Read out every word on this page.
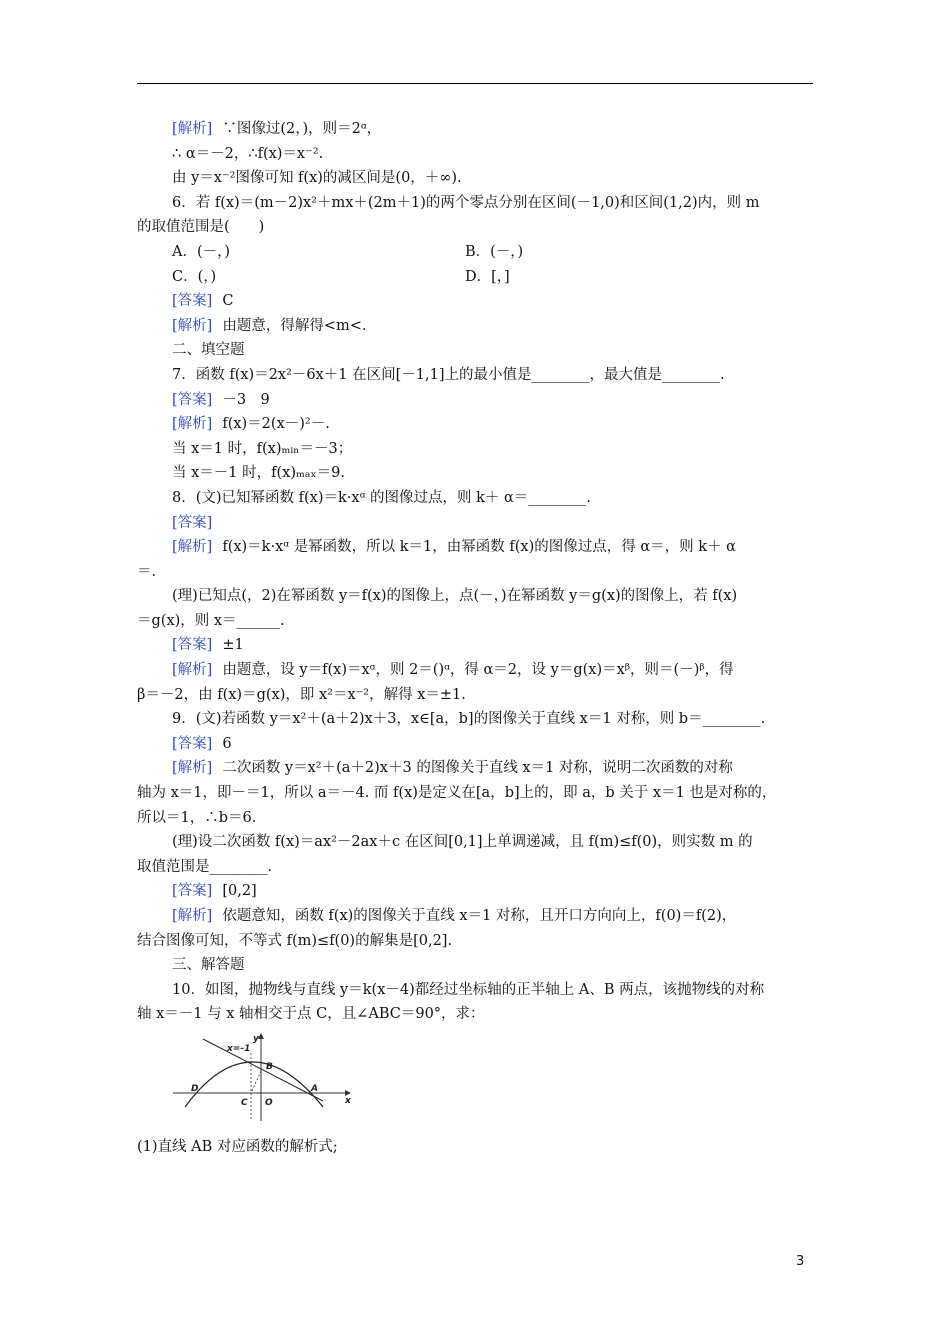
[解析] ∵图像过(2，)，则＝2ᵅ，
∴ α＝－2，∴f(x)＝x⁻².
由 y＝x⁻²图像可知 f(x)的减区间是(0，＋∞).
6．若 f(x)＝(m－2)x²＋mx＋(2m＋1)的两个零点分别在区间(－1,0)和区间(1,2)内，则 m
的取值范围是(　　)
A．(－，)	B．(－，)
C．(，)	D．[，]
[答案] C
[解析] 由题意，得解得<m<.
二、填空题
7．函数 f(x)＝2x²－6x＋1 在区间[－1,1]上的最小值是________，最大值是________.
[答案] －3　9
[解析] f(x)＝2(x－)²－.
当 x＝1 时，f(x)ₘᵢₙ＝－3；
当 x＝－1 时，f(x)ₘₐₓ＝9.
8．(文)已知幂函数 f(x)＝k·xᵅ 的图像过点，则 k＋ α＝________.
[答案]
[解析] f(x)＝k·xᵅ 是幂函数，所以 k＝1，由幂函数 f(x)的图像过点，得 α＝，则 k＋ α
＝.
(理)已知点(，2)在幂函数 y＝f(x)的图像上，点(－，)在幂函数 y＝g(x)的图像上，若 f(x)
＝g(x)，则 x＝______.
[答案] ±1
[解析] 由题意，设 y＝f(x)＝xᵅ，则 2＝()ᵅ，得 α＝2，设 y＝g(x)＝xᵝ，则＝(－)ᵝ，得
β＝－2，由 f(x)＝g(x)，即 x²＝x⁻²，解得 x＝±1.
9．(文)若函数 y＝x²＋(a＋2)x＋3，x∈[a，b]的图像关于直线 x＝1 对称，则 b＝________.
[答案] 6
[解析] 二次函数 y＝x²＋(a＋2)x＋3 的图像关于直线 x＝1 对称，说明二次函数的对称
轴为 x＝1，即－＝1，所以 a＝－4. 而 f(x)是定义在[a，b]上的，即 a，b 关于 x＝1 也是对称的，
所以＝1，∴b＝6.
(理)设二次函数 f(x)＝ax²－2ax＋c 在区间[0,1]上单调递减，且 f(m)≤f(0)，则实数 m 的
取值范围是________.
[答案] [0,2]
[解析] 依题意知，函数 f(x)的图像关于直线 x＝1 对称，且开口方向向上，f(0)＝f(2)，
结合图像可知，不等式 f(m)≤f(0)的解集是[0,2].
三、解答题
10．如图，抛物线与直线 y＝k(x－4)都经过坐标轴的正半轴上 A、B 两点，该抛物线的对称
轴 x＝－1 与 x 轴相交于点 C，且∠ABC＝90°，求：
x=-1
y
x
B
D
C O
A
(1)直线 AB 对应函数的解析式;
3
